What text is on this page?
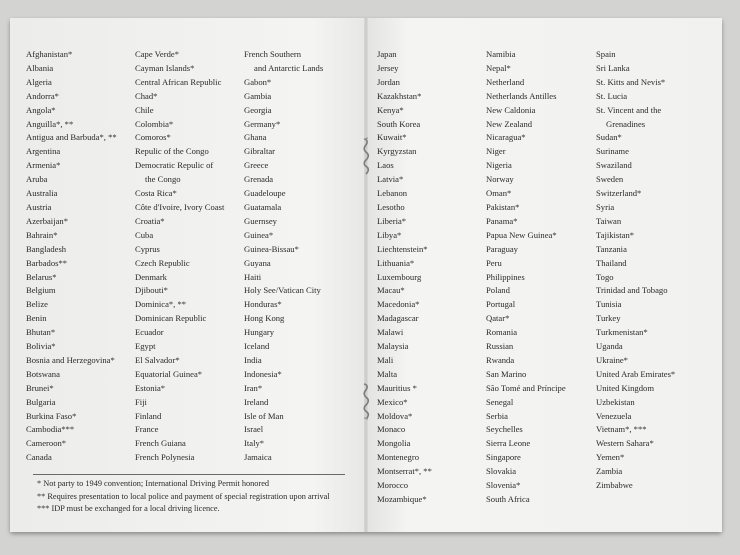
Afghanistan*
Albania
Algeria
Andorra*
Angola*
Anguilla*, **
Antigua and Barbuda*, **
Argentina
Armenia*
Aruba
Australia
Austria
Azerbaijan*
Bahrain*
Bangladesh
Barbados**
Belarus*
Belgium
Belize
Benin
Bhutan*
Bolivia*
Bosnia and Herzegovina*
Botswana
Brunei*
Bulgaria
Burkina Faso*
Cambodia***
Cameroon*
Canada
Cape Verde*
Cayman Islands*
Central African Republic
Chad*
Chile
Colombia*
Comoros*
Repulic of the Congo
Democratic Repulic of
the Congo
Costa Rica*
Côte d'Ivoire, Ivory Coast
Croatia*
Cuba
Cyprus
Czech Republic
Denmark
Djibouti*
Dominica*, **
Dominican Republic
Ecuador
Egypt
El Salvador*
Equatorial Guinea*
Estonia*
Fiji
Finland
France
French Guiana
French Polynesia
French Southern
and Antarctic Lands
Gabon*
Gambia
Georgia
Germany*
Ghana
Gibraltar
Greece
Grenada
Guadeloupe
Guatamala
Guernsey
Guinea*
Guinea-Bissau*
Guyana
Haiti
Holy See/Vatican City
Honduras*
Hong Kong
Hungary
Iceland
India
Indonesia*
Iran*
Ireland
Isle of Man
Israel
Italy*
Jamaica
Japan
Jersey
Jordan
Kazakhstan*
Kenya*
South Korea
Kuwait*
Kyrgyzstan
Laos
Latvia*
Lebanon
Lesotho
Liberia*
Libya*
Liechtenstein*
Lithuania*
Luxembourg
Macau*
Macedonia*
Madagascar
Malawi
Malaysia
Mali
Malta
Mauritius *
Mexico*
Moldova*
Monaco
Mongolia
Montenegro
Montserrat*, **
Morocco
Mozambique*
Namibia
Nepal*
Netherland
Netherlands Antilles
New Caldonia
New Zealand
Nicaragua*
Niger
Nigeria
Norway
Oman*
Pakistan*
Panama*
Papua New Guinea*
Paraguay
Peru
Philippines
Poland
Portugal
Qatar*
Romania
Russian
Rwanda
San Marino
São Tomé and Príncipe
Senegal
Serbia
Seychelles
Sierra Leone
Singapore
Slovakia
Slovenia*
South Africa
Spain
Sri Lanka
St. Kitts and Nevis*
St. Lucia
St. Vincent and the
Grenadines
Sudan*
Suriname
Swaziland
Sweden
Switzerland*
Syria
Taiwan
Tajikistan*
Tanzania
Thailand
Togo
Trinidad and Tobago
Tunisia
Turkey
Turkmenistan*
Uganda
Ukraine*
United Arab Emirates*
United Kingdom
Uzbekistan
Venezuela
Vietnam*, ***
Western Sahara*
Yemen*
Zambia
Zimbabwe
* Not party to 1949 convention; International Driving Permit honored
** Requires presentation to local police and payment of special registration upon arrival
*** IDP must be exchanged for a local driving licence.
